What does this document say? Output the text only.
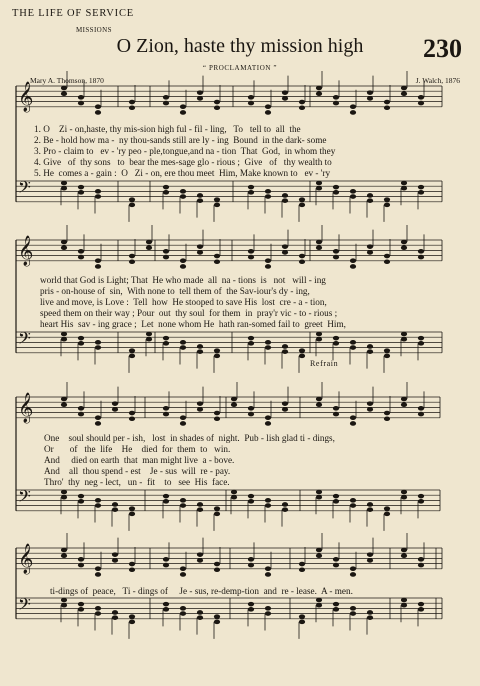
THE LIFE OF SERVICE
MISSIONS
O Zion, haste thy mission high	230
“ PROCLAMATION ”
Mary A. Thomson, 1870	J. Walch, 1876
Refrain
𝄞
𝄢
𝄞
𝄢
𝄞
𝄢
𝄞
𝄢
1. O    Zi - on,haste, thy mis-sion high ful - fil - ling,   To   tell to  all  the
2. Be - hold how ma -  ny thou-sands still are ly - ing  Bound  in the dark- some
3. Pro - claim to   ev - 'ry peo - ple,tongue,and na - tion  That  God,  in whom they
4. Give   of  thy sons   to  bear the mes-sage glo - rious ;  Give   of   thy wealth to
5. He  comes a - gain :  O   Zi - on, ere thou meet  Him, Make known to   ev - 'ry
world that God is Light; That  He who made  all  na - tions  is   not   will - ing
pris - on-house of  sin,  With none to  tell them of  the Sav-iour's dy - ing,
live and move, is Love :  Tell  how  He stooped to save His  lost  cre - a - tion,
speed them on their way ; Pour  out  thy soul  for them  in  pray'r vic - to - rious ;
heart His  sav - ing grace ;  Let  none whom He  hath ran-somed fail to  greet  Him,
One    soul should per - ish,   lost  in shades of  night.  Pub - lish glad ti - dings,
Or       of   the  life    He    died  for  them  to   win.
And     died on earth  that  man might live  a - bove.
And    all  thou spend - est    Je - sus  will  re - pay.
Thro'  thy  neg - lect,   un -  fit    to   see  His  face.
ti-dings of  peace,   Ti - dings of     Je - sus, re-demp-tion  and  re - lease.  A - men.
